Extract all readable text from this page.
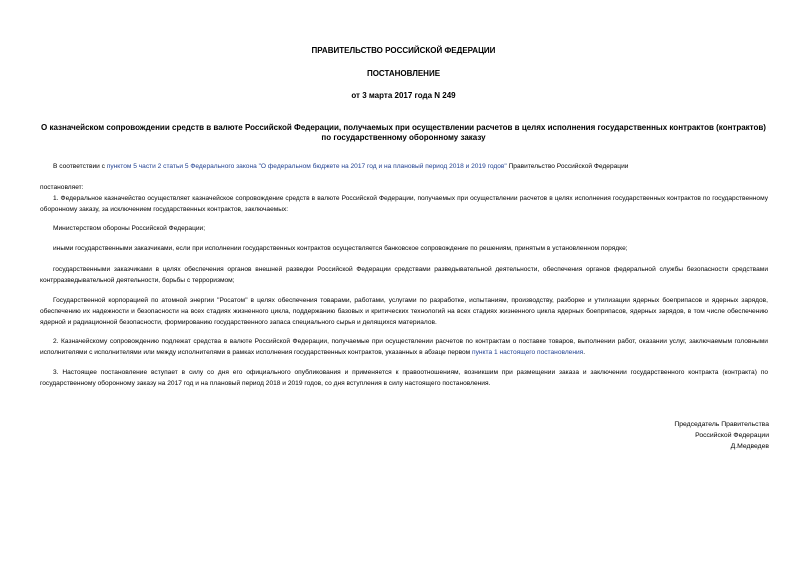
ПРАВИТЕЛЬСТВО РОССИЙСКОЙ ФЕДЕРАЦИИ
ПОСТАНОВЛЕНИЕ
от 3 марта 2017 года N 249
О казначейском сопровождении средств в валюте Российской Федерации, получаемых при осуществлении расчетов в целях исполнения государственных контрактов (контрактов) по государственному оборонному заказу
В соответствии с пунктом 5 части 2 статьи 5 Федерального закона "О федеральном бюджете на 2017 год и на плановый период 2018 и 2019 годов" Правительство Российской Федерации
постановляет:
1. Федеральное казначейство осуществляет казначейское сопровождение средств в валюте Российской Федерации, получаемых при осуществлении расчетов в целях исполнения государственных контрактов по государственному оборонному заказу, за исключением государственных контрактов, заключаемых:
Министерством обороны Российской Федерации;
иными государственными заказчиками, если при исполнении государственных контрактов осуществляется банковское сопровождение по решениям, принятым в установленном порядке;
государственными заказчиками в целях обеспечения органов внешней разведки Российской Федерации средствами разведывательной деятельности, обеспечения органов федеральной службы безопасности средствами контрразведывательной деятельности, борьбы с терроризмом;
Государственной корпорацией по атомной энергии "Росатом" в целях обеспечения товарами, работами, услугами по разработке, испытаниям, производству, разборке и утилизации ядерных боеприпасов и ядерных зарядов, обеспечению их надежности и безопасности на всех стадиях жизненного цикла, поддержанию базовых и критических технологий на всех стадиях жизненного цикла ядерных боеприпасов, ядерных зарядов, в том числе обеспечению ядерной и радиационной безопасности, формированию государственного запаса специального сырья и делящихся материалов.
2. Казначейскому сопровождению подлежат средства в валюте Российской Федерации, получаемые при осуществлении расчетов по контрактам о поставке товаров, выполнении работ, оказании услуг, заключаемым головными исполнителями с исполнителями или между исполнителями в рамках исполнения государственных контрактов, указанных в абзаце первом пункта 1 настоящего постановления.
3. Настоящее постановление вступает в силу со дня его официального опубликования и применяется к правоотношениям, возникшим при размещении заказа и заключении государственного контракта (контракта) по государственному оборонному заказу на 2017 год и на плановый период 2018 и 2019 годов, со дня вступления в силу настоящего постановления.
Председатель Правительства
Российской Федерации
Д.Медведев
